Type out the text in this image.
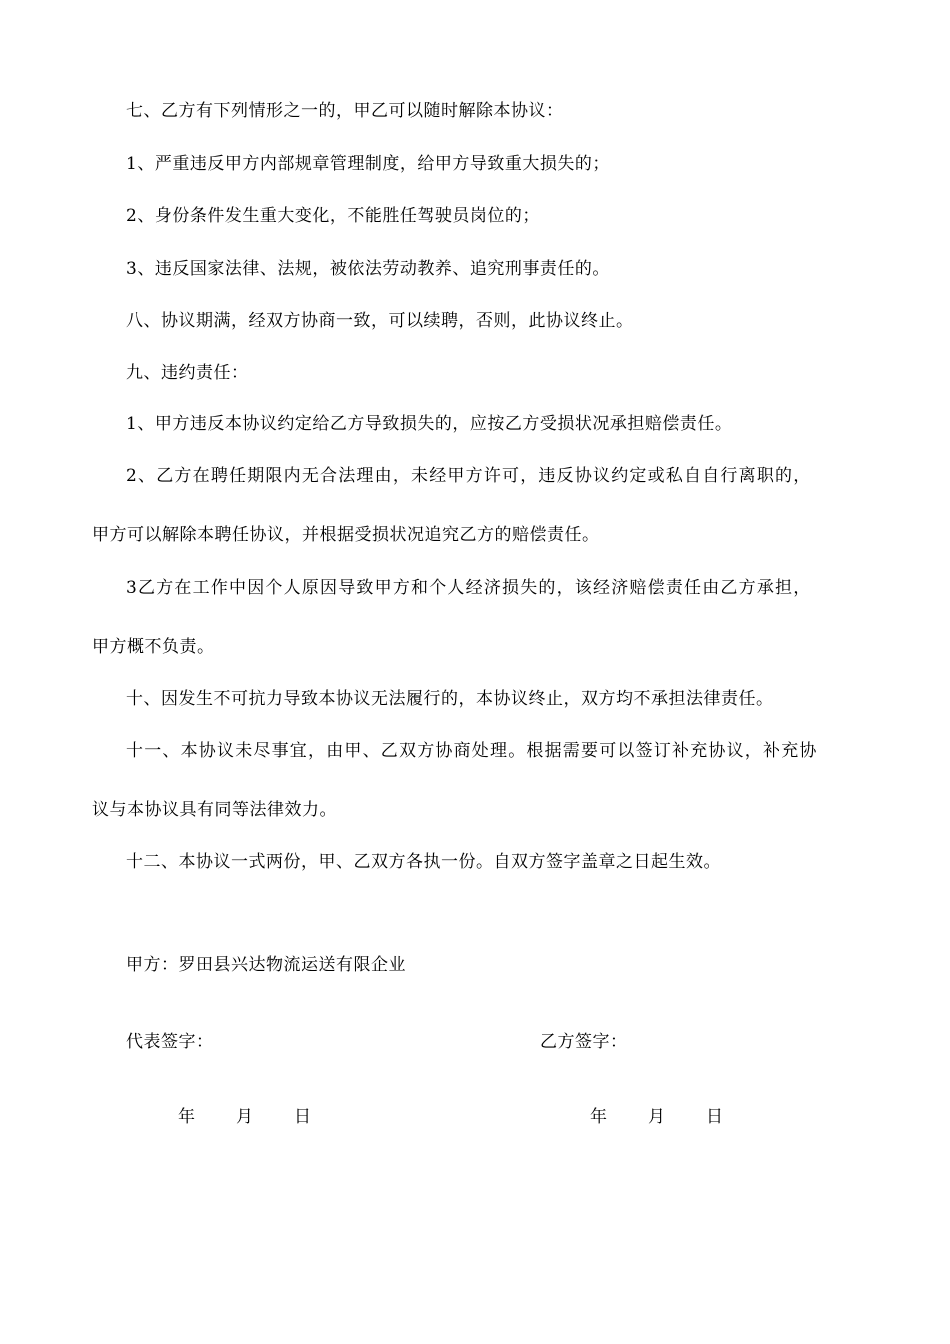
七、乙方有下列情形之一的，甲乙可以随时解除本协议：
1、严重违反甲方内部规章管理制度，给甲方导致重大损失的；
2、身份条件发生重大变化，不能胜任驾驶员岗位的；
3、违反国家法律、法规，被依法劳动教养、追究刑事责任的。
八、协议期满，经双方协商一致，可以续聘，否则，此协议终止。
九、违约责任：
1、甲方违反本协议约定给乙方导致损失的，应按乙方受损状况承担赔偿责任。
2、乙方在聘任期限内无合法理由，未经甲方许可，违反协议约定或私自自行离职的，
甲方可以解除本聘任协议，并根据受损状况追究乙方的赔偿责任。
3乙方在工作中因个人原因导致甲方和个人经济损失的，该经济赔偿责任由乙方承担，
甲方概不负责。
十、因发生不可抗力导致本协议无法履行的，本协议终止，双方均不承担法律责任。
十一、本协议未尽事宜，由甲、乙双方协商处理。根据需要可以签订补充协议，补充协
议与本协议具有同等法律效力。
十二、本协议一式两份，甲、乙双方各执一份。自双方签字盖章之日起生效。
甲方：罗田县兴达物流运送有限企业
代表签字：	乙方签字：
年 月 日	年 月 日
